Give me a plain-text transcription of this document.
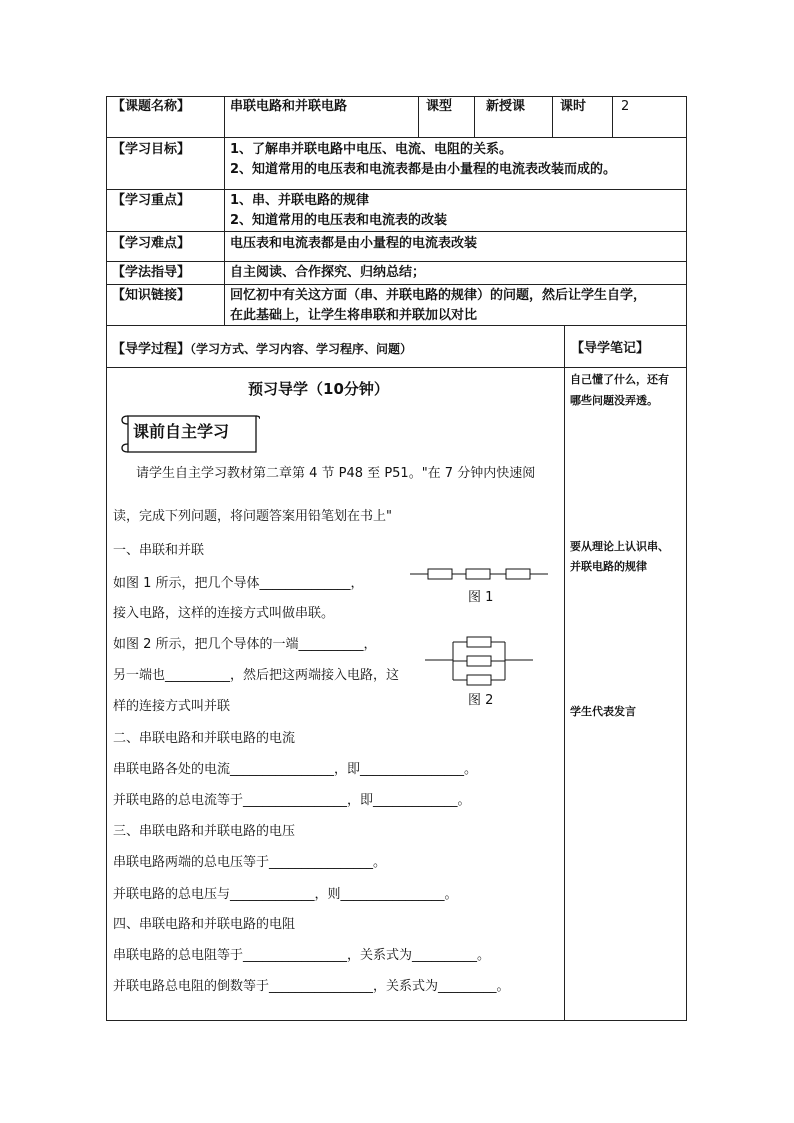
【课题名称】	串联电路和并联电路	课型	新授课	课时	2
【学习目标】	1、了解串并联电路中电压、电流、电阻的关系。
2、知道常用的电压表和电流表都是由小量程的电流表改装而成的。
【学习重点】	1、串、并联电路的规律
2、知道常用的电压表和电流表的改装
【学习难点】	电压表和电流表都是由小量程的电流表改装
【学法指导】	自主阅读、合作探究、归纳总结；
【知识链接】	回忆初中有关这方面（串、并联电路的规律）的问题，然后让学生自学，
在此基础上，让学生将串联和并联加以对比
【导学过程】（学习方式、学习内容、学习程序、问题）	【导学笔记】
预习导学（10分钟）
课前自主学习
请学生自主学习教材第二章第 4 节 P48 至 P51。"在 7 分钟内快速阅
读，完成下列问题，将问题答案用铅笔划在书上"
一、串联和并联
如图 1 所示，把几个导体______________，
接入电路，这样的连接方式叫做串联。
如图 2 所示，把几个导体的一端__________，
另一端也__________，然后把这两端接入电路，这
样的连接方式叫并联
图 1
图 2
二、串联电路和并联电路的电流
串联电路各处的电流________________，即________________。
并联电路的总电流等于________________，即_____________。
三、串联电路和并联电路的电压
串联电路两端的总电压等于________________。
并联电路的总电压与_____________，则________________。
四、串联电路和并联电路的电阻
串联电路的总电阻等于________________，关系式为__________。
并联电路总电阻的倒数等于________________，关系式为_________。
自己懂了什么，还有
哪些问题没弄透。
要从理论上认识串、
并联电路的规律
学生代表发言
